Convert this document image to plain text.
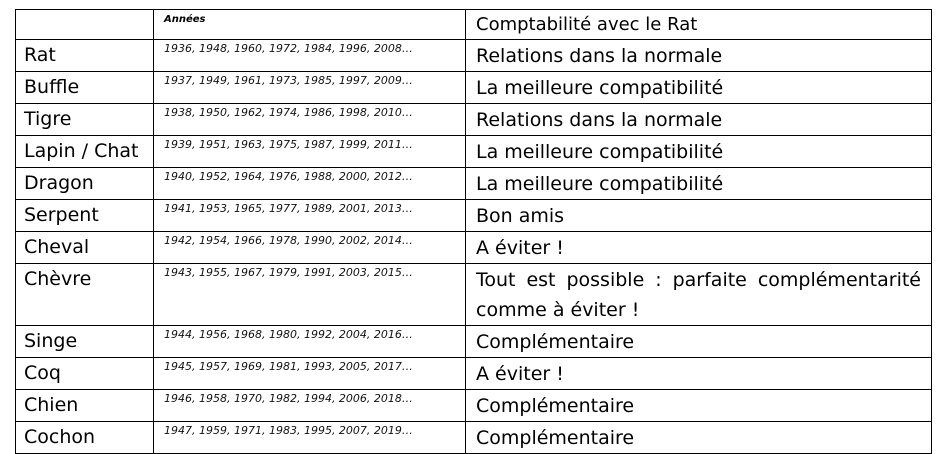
	Années	Comptabilité avec le Rat

Rat	1936, 1948, 1960, 1972, 1984, 1996, 2008…	Relations dans la normale

Buffle	1937, 1949, 1961, 1973, 1985, 1997, 2009…	La meilleure compatibilité

Tigre	1938, 1950, 1962, 1974, 1986, 1998, 2010…	Relations dans la normale

Lapin / Chat	1939, 1951, 1963, 1975, 1987, 1999, 2011…	La meilleure compatibilité

Dragon	1940, 1952, 1964, 1976, 1988, 2000, 2012…	La meilleure compatibilité

Serpent	1941, 1953, 1965, 1977, 1989, 2001, 2013…	Bon amis

Cheval	1942, 1954, 1966, 1978, 1990, 2002, 2014…	A éviter !

Chèvre	1943, 1955, 1967, 1979, 1991, 2003, 2015…	Tout est possible : parfaite complémentarité comme à éviter !

Singe	1944, 1956, 1968, 1980, 1992, 2004, 2016…	Complémentaire

Coq	1945, 1957, 1969, 1981, 1993, 2005, 2017…	A éviter !

Chien	1946, 1958, 1970, 1982, 1994, 2006, 2018…	Complémentaire

Cochon	1947, 1959, 1971, 1983, 1995, 2007, 2019…	Complémentaire
